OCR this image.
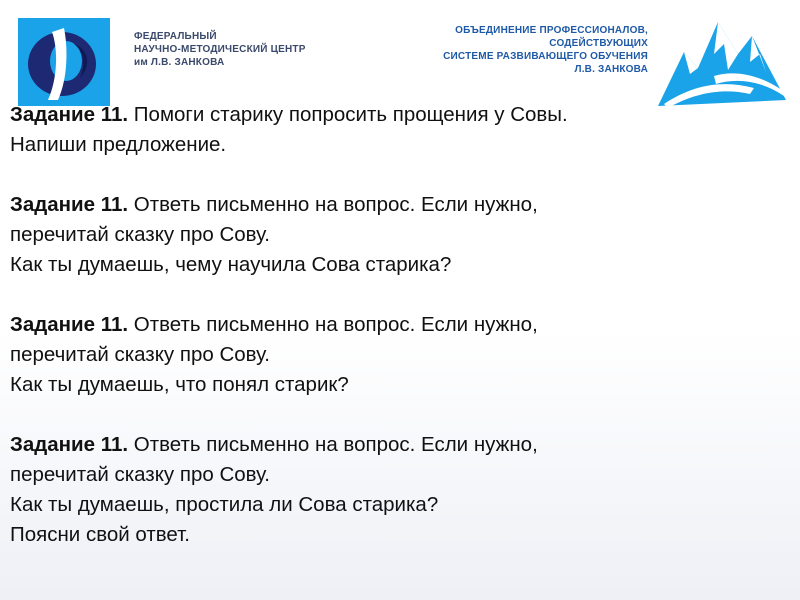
ФЕДЕРАЛЬНЫЙ
НАУЧНО-МЕТОДИЧЕСКИЙ ЦЕНТР
им Л.В. ЗАНКОВА
ОБЪЕДИНЕНИЕ ПРОФЕССИОНАЛОВ,
СОДЕЙСТВУЮЩИХ
СИСТЕМЕ РАЗВИВАЮЩЕГО ОБУЧЕНИЯ
Л.В. ЗАНКОВА
Задание 11. Помоги старику попросить прощения у Совы.
Напиши предложение.
Задание 11. Ответь письменно на вопрос. Если нужно,
перечитай сказку про Сову.
Как ты думаешь, чему научила Сова старика?
Задание 11. Ответь письменно на вопрос. Если нужно,
перечитай сказку про Сову.
Как ты думаешь, что понял старик?
Задание 11. Ответь письменно на вопрос. Если нужно,
перечитай сказку про Сову.
Как ты думаешь, простила ли Сова старика?
Поясни свой ответ.
